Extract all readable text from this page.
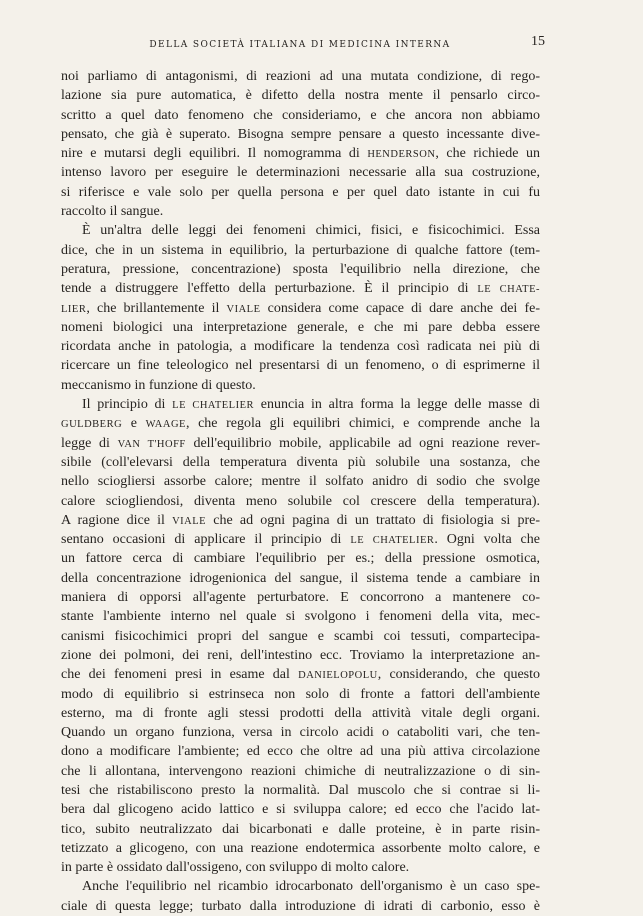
DELLA SOCIETÀ ITALIANA DI MEDICINA INTERNA	15
noi parliamo di antagonismi, di reazioni ad una mutata condizione, di rego-
lazione sia pure automatica, è difetto della nostra mente il pensarlo circo-
scritto a quel dato fenomeno che consideriamo, e che ancora non abbiamo
pensato, che già è superato. Bisogna sempre pensare a questo incessante dive-
nire e mutarsi degli equilibri. Il nomogramma di HENDERSON, che richiede un
intenso lavoro per eseguire le determinazioni necessarie alla sua costruzione,
si riferisce e vale solo per quella persona e per quel dato istante in cui fu
raccolto il sangue.
È un'altra delle leggi dei fenomeni chimici, fisici, e fisicochimici. Essa
dice, che in un sistema in equilibrio, la perturbazione di qualche fattore (tem-
peratura, pressione, concentrazione) sposta l'equilibrio nella direzione, che
tende a distruggere l'effetto della perturbazione. È il principio di LE CHATE-
LIER, che brillantemente il VIALE considera come capace di dare anche dei fe-
nomeni biologici una interpretazione generale, e che mi pare debba essere
ricordata anche in patologia, a modificare la tendenza così radicata nei più di
ricercare un fine teleologico nel presentarsi di un fenomeno, o di esprimerne il
meccanismo in funzione di questo.
Il principio di LE CHATELIER enuncia in altra forma la legge delle masse di
GULDBERG e WAAGE, che regola gli equilibri chimici, e comprende anche la
legge di VAN T'HOFF dell'equilibrio mobile, applicabile ad ogni reazione rever-
sibile (coll'elevarsi della temperatura diventa più solubile una sostanza, che
nello sciogliersi assorbe calore; mentre il solfato anidro di sodio che svolge
calore sciogliendosi, diventa meno solubile col crescere della temperatura).
A ragione dice il VIALE che ad ogni pagina di un trattato di fisiologia si pre-
sentano occasioni di applicare il principio di LE CHATELIER. Ogni volta che
un fattore cerca di cambiare l'equilibrio per es.; della pressione osmotica,
della concentrazione idrogenionica del sangue, il sistema tende a cambiare in
maniera di opporsi all'agente perturbatore. E concorrono a mantenere co-
stante l'ambiente interno nel quale si svolgono i fenomeni della vita, mec-
canismi fisicochimici propri del sangue e scambi coi tessuti, compartecipa-
zione dei polmoni, dei reni, dell'intestino ecc. Troviamo la interpretazione an-
che dei fenomeni presi in esame dal DANIELOPOLU, considerando, che questo
modo di equilibrio si estrinseca non solo di fronte a fattori dell'ambiente
esterno, ma di fronte agli stessi prodotti della attività vitale degli organi.
Quando un organo funziona, versa in circolo acidi o cataboliti vari, che ten-
dono a modificare l'ambiente; ed ecco che oltre ad una più attiva circolazione
che li allontana, intervengono reazioni chimiche di neutralizzazione o di sin-
tesi che ristabiliscono presto la normalità. Dal muscolo che si contrae si li-
bera dal glicogeno acido lattico e si sviluppa calore; ed ecco che l'acido lat-
tico, subito neutralizzato dai bicarbonati e dalle proteine, è in parte risin-
tetizzato a glicogeno, con una reazione endotermica assorbente molto calore, e
in parte è ossidato dall'ossigeno, con sviluppo di molto calore.
Anche l'equilibrio nel ricambio idrocarbonato dell'organismo è un caso spe-
ciale di questa legge; turbato dalla introduzione di idrati di carbonio, esso è
